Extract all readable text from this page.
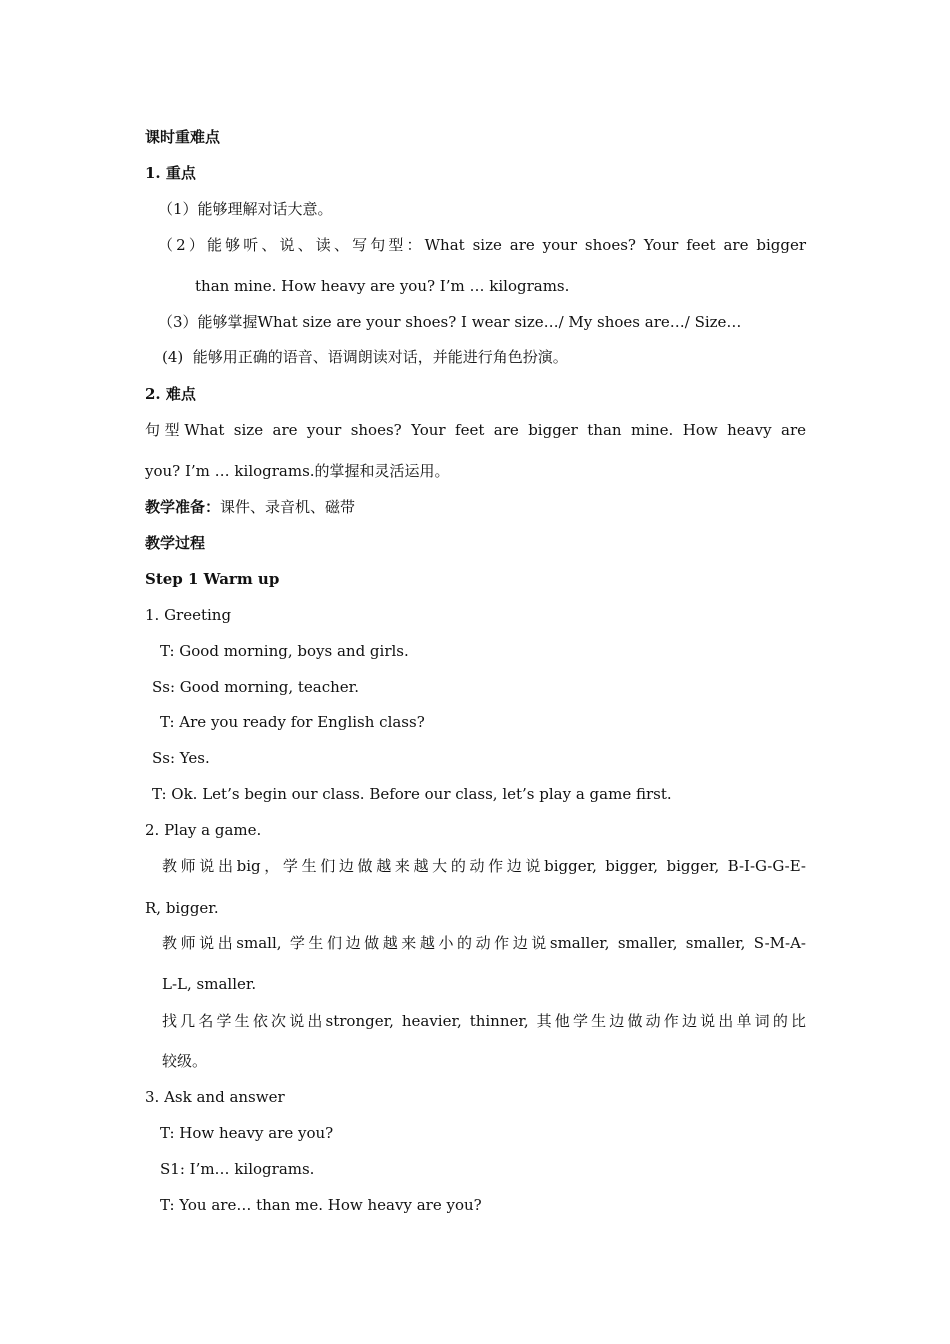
课时重难点
1. 重点
（1）能够理解对话大意。
（2）能够听、说、读、写句型：What size are your shoes? Your feet are bigger
than mine. How heavy are you? I’m … kilograms.
（3）能够掌握What size are your shoes? I wear size…/ My shoes are…/ Size…
(4)  能够用正确的语音、语调朗读对话，并能进行角色扮演。
2. 难点
句型What size are your shoes? Your feet are bigger than mine. How heavy are
you? I’m … kilograms.的掌握和灵活运用。
教学准备：课件、录音机、磁带
教学过程
Step 1 Warm up
1. Greeting
T: Good morning, boys and girls.
Ss: Good morning, teacher.
T: Are you ready for English class?
Ss: Yes.
T: Ok. Let’s begin our class. Before our class, let’s play a game first.
2. Play a game.
教师说出big，学生们边做越来越大的动作边说bigger, bigger, bigger, B-I-G-G-E-
R, bigger.
教师说出small, 学生们边做越来越小的动作边说smaller, smaller, smaller, S-M-A-
L-L, smaller.
找几名学生依次说出stronger, heavier, thinner, 其他学生边做动作边说出单词的比
较级。
3. Ask and answer
T: How heavy are you?
S1: I’m… kilograms.
T: You are… than me. How heavy are you?
